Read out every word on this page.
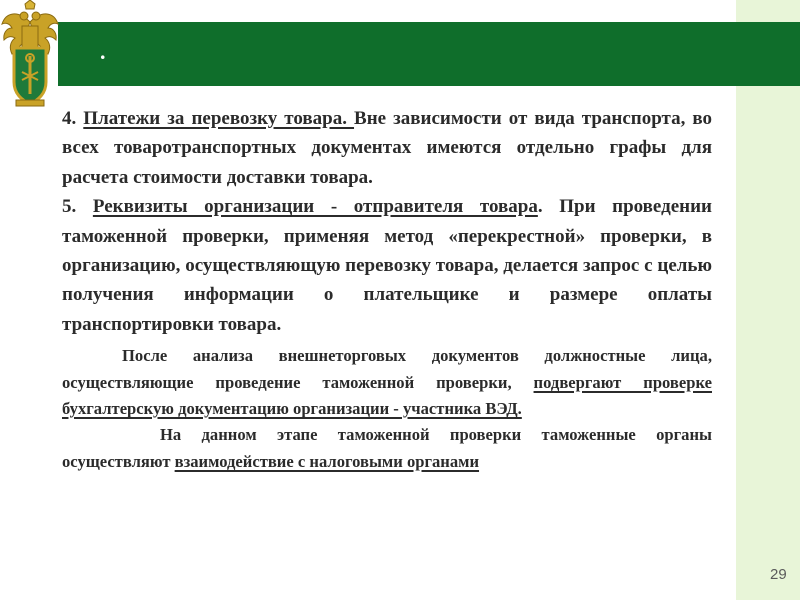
.

4. Платежи за перевозку товара. Вне зависимости от вида транспорта, во всех товаротранспортных документах имеются отдельно графы для расчета стоимости доставки товара.

5. Реквизиты организации - отправителя товара. При проведении таможенной проверки, применяя метод «перекрестной» проверки, в организацию, осуществляющую перевозку товара, делается запрос с целью получения информации о плательщике и размере оплаты транспортировки товара.

После анализа внешнеторговых документов должностные лица, осуществляющие проведение таможенной проверки, подвергают проверке бухгалтерскую документацию организации - участника ВЭД.

На данном этапе таможенной проверки таможенные органы осуществляют взаимодействие с налоговыми органами

29
